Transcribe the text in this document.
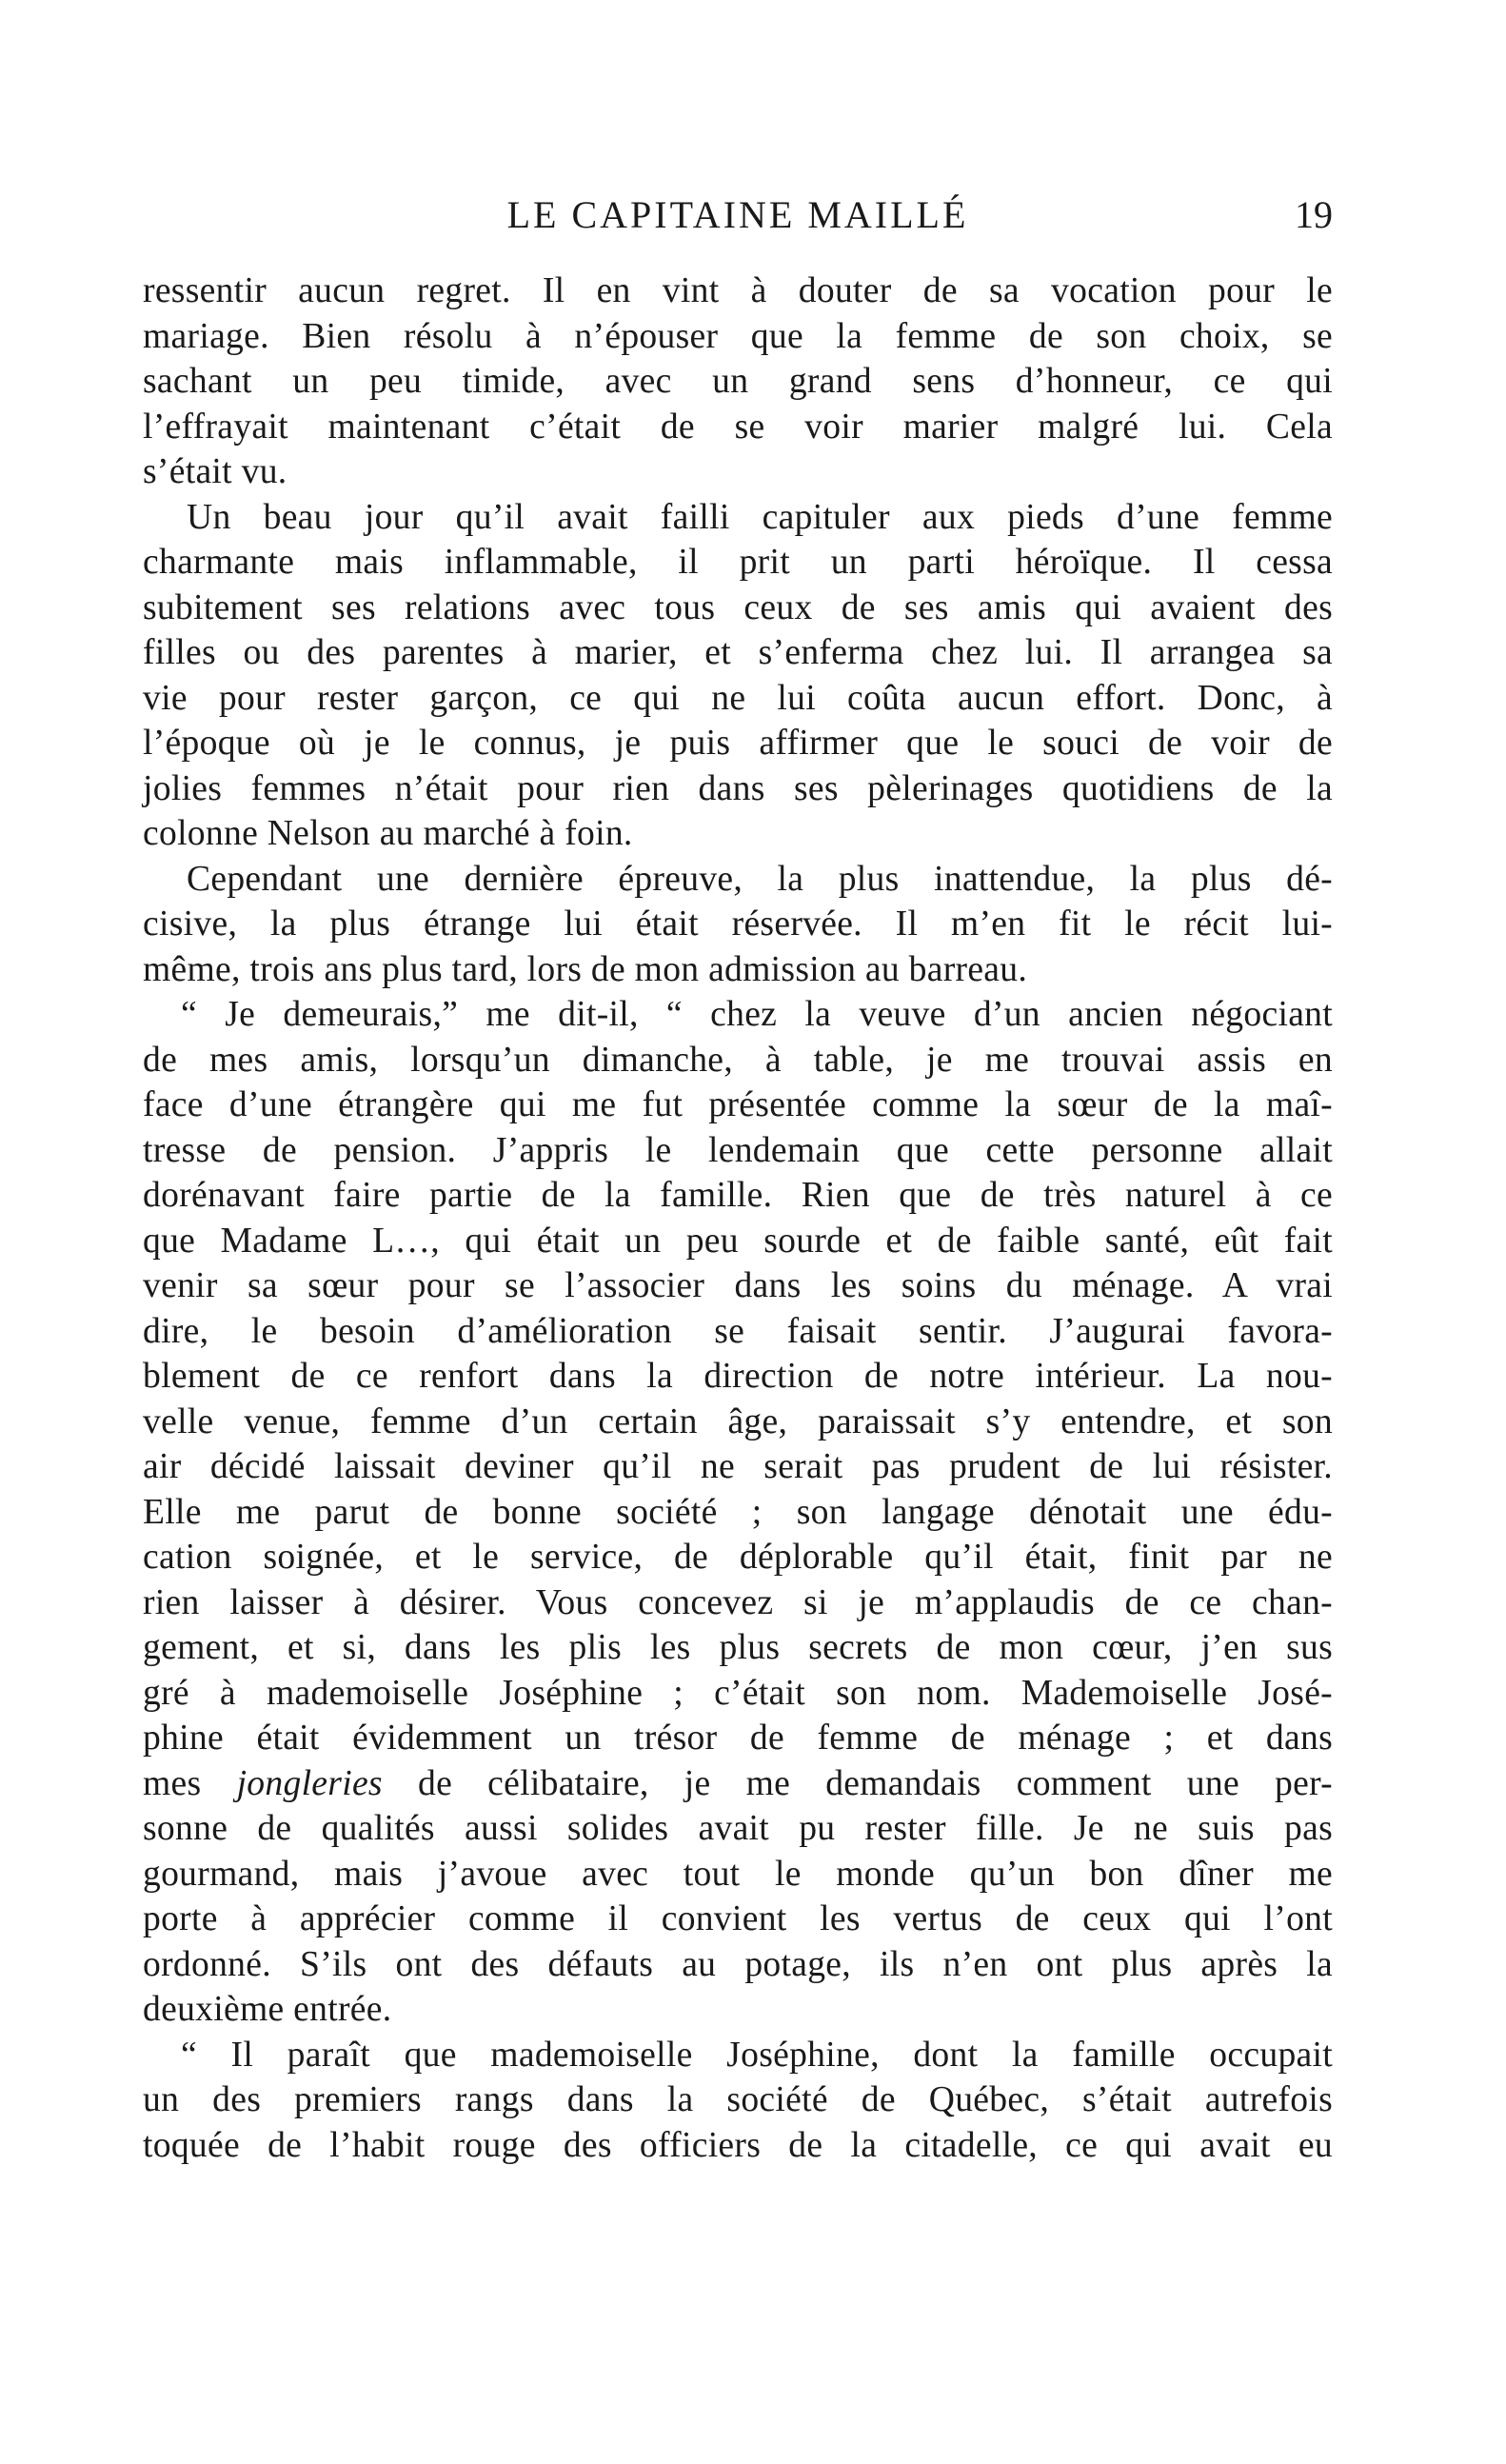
LE CAPITAINE MAILLÉ	19

ressentir aucun regret. Il en vint à douter de sa vocation pour le
mariage. Bien résolu à n’épouser que la femme de son choix, se
sachant un peu timide, avec un grand sens d’honneur, ce qui
l’effrayait maintenant c’était de se voir marier malgré lui. Cela
s’était vu.

Un beau jour qu’il avait failli capituler aux pieds d’une femme
charmante mais inflammable, il prit un parti héroïque. Il cessa
subitement ses relations avec tous ceux de ses amis qui avaient des
filles ou des parentes à marier, et s’enferma chez lui. Il arrangea sa
vie pour rester garçon, ce qui ne lui coûta aucun effort. Donc, à
l’époque où je le connus, je puis affirmer que le souci de voir de
jolies femmes n’était pour rien dans ses pèlerinages quotidiens de la
colonne Nelson au marché à foin.

Cependant une dernière épreuve, la plus inattendue, la plus dé-
cisive, la plus étrange lui était réservée. Il m’en fit le récit lui-
même, trois ans plus tard, lors de mon admission au barreau.

“ Je demeurais,” me dit-il, “ chez la veuve d’un ancien négociant
de mes amis, lorsqu’un dimanche, à table, je me trouvai assis en
face d’une étrangère qui me fut présentée comme la sœur de la maî-
tresse de pension. J’appris le lendemain que cette personne allait
dorénavant faire partie de la famille. Rien que de très naturel à ce
que Madame L…, qui était un peu sourde et de faible santé, eût fait
venir sa sœur pour se l’associer dans les soins du ménage. A vrai
dire, le besoin d’amélioration se faisait sentir. J’augurai favora-
blement de ce renfort dans la direction de notre intérieur. La nou-
velle venue, femme d’un certain âge, paraissait s’y entendre, et son
air décidé laissait deviner qu’il ne serait pas prudent de lui résister.
Elle me parut de bonne société ; son langage dénotait une édu-
cation soignée, et le service, de déplorable qu’il était, finit par ne
rien laisser à désirer. Vous concevez si je m’applaudis de ce chan-
gement, et si, dans les plis les plus secrets de mon cœur, j’en sus
gré à mademoiselle Joséphine ; c’était son nom. Mademoiselle José-
phine était évidemment un trésor de femme de ménage ; et dans
mes jongleries de célibataire, je me demandais comment une per-
sonne de qualités aussi solides avait pu rester fille. Je ne suis pas
gourmand, mais j’avoue avec tout le monde qu’un bon dîner me
porte à apprécier comme il convient les vertus de ceux qui l’ont
ordonné. S’ils ont des défauts au potage, ils n’en ont plus après la
deuxième entrée.

“ Il paraît que mademoiselle Joséphine, dont la famille occupait
un des premiers rangs dans la société de Québec, s’était autrefois
toquée de l’habit rouge des officiers de la citadelle, ce qui avait eu
